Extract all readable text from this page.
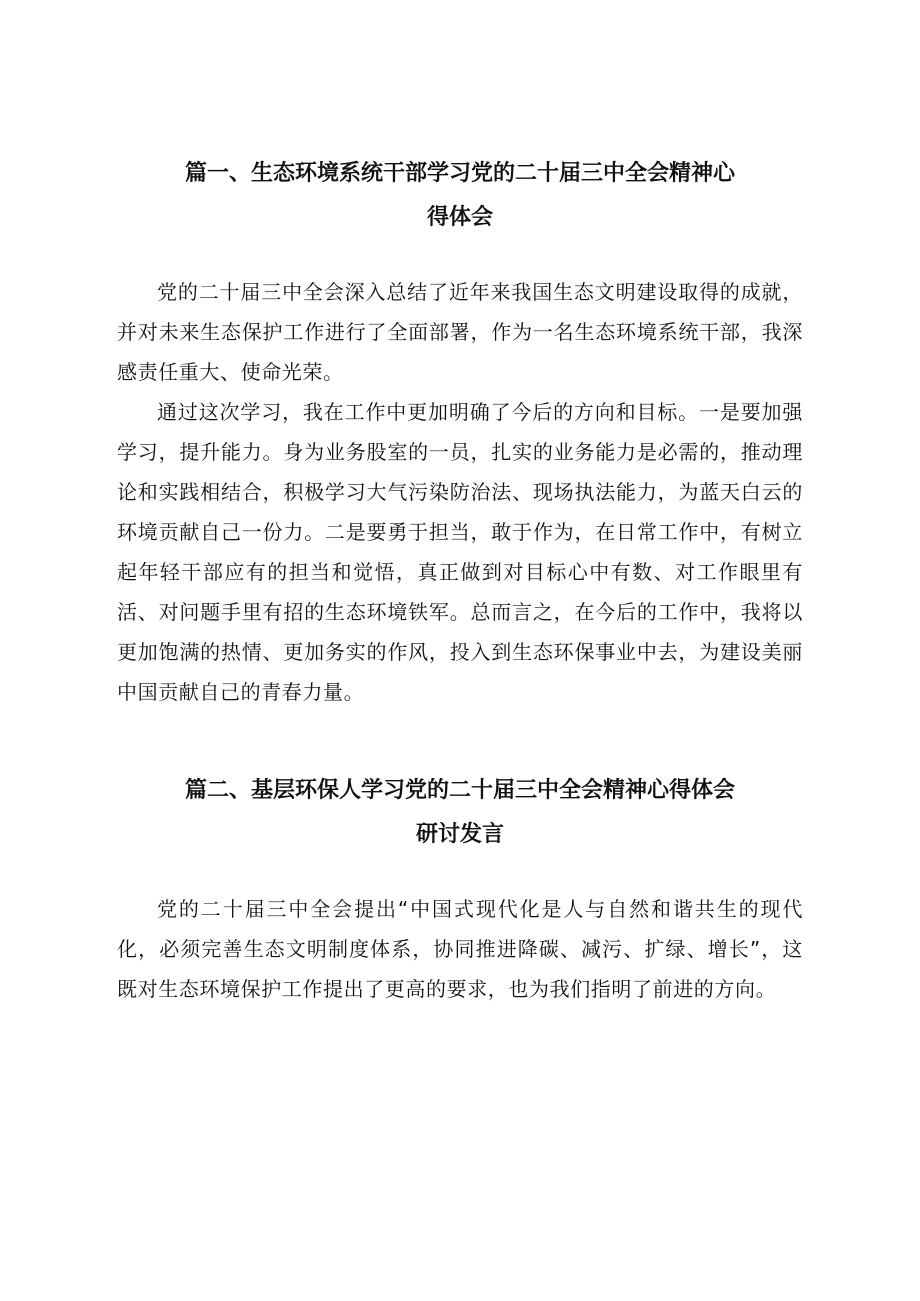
篇一、生态环境系统干部学习党的二十届三中全会精神心
得体会

党的二十届三中全会深入总结了近年来我国生态文明建设取得的成就，并对未来生态保护工作进行了全面部署，作为一名生态环境系统干部，我深感责任重大、使命光荣。

通过这次学习，我在工作中更加明确了今后的方向和目标。一是要加强学习，提升能力。身为业务股室的一员，扎实的业务能力是必需的，推动理论和实践相结合，积极学习大气污染防治法、现场执法能力，为蓝天白云的环境贡献自己一份力。二是要勇于担当，敢于作为，在日常工作中，有树立起年轻干部应有的担当和觉悟，真正做到对目标心中有数、对工作眼里有活、对问题手里有招的生态环境铁军。总而言之，在今后的工作中，我将以更加饱满的热情、更加务实的作风，投入到生态环保事业中去，为建设美丽中国贡献自己的青春力量。

篇二、基层环保人学习党的二十届三中全会精神心得体会
研讨发言

党的二十届三中全会提出“中国式现代化是人与自然和谐共生的现代化，必须完善生态文明制度体系，协同推进降碳、减污、扩绿、增长”，这既对生态环境保护工作提出了更高的要求，也为我们指明了前进的方向。
